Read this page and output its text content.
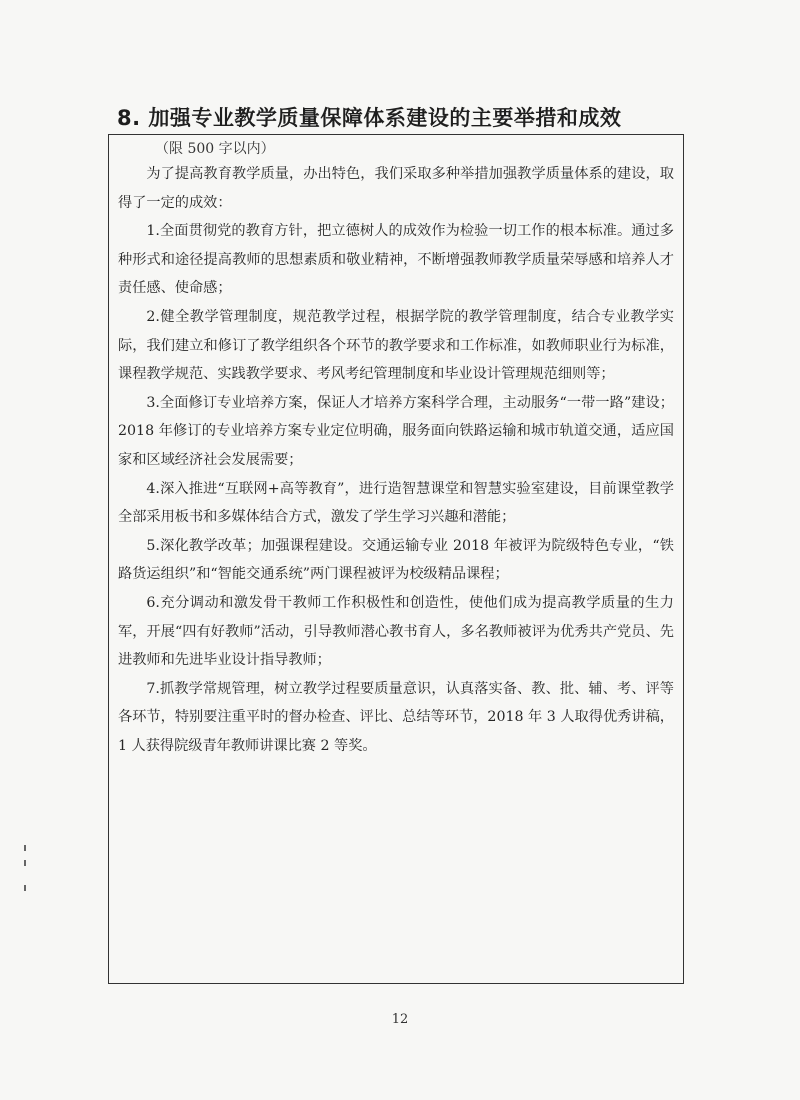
8. 加强专业教学质量保障体系建设的主要举措和成效
（限 500 字以内）

为了提高教育教学质量，办出特色，我们采取多种举措加强教学质量体系的建设，取得了一定的成效：

1.全面贯彻党的教育方针，把立德树人的成效作为检验一切工作的根本标准。通过多种形式和途径提高教师的思想素质和敬业精神，不断增强教师教学质量荣辱感和培养人才责任感、使命感；

2.健全教学管理制度，规范教学过程，根据学院的教学管理制度，结合专业教学实际，我们建立和修订了教学组织各个环节的教学要求和工作标准，如教师职业行为标准，课程教学规范、实践教学要求、考风考纪管理制度和毕业设计管理规范细则等；

3.全面修订专业培养方案，保证人才培养方案科学合理，主动服务“一带一路”建设；2018 年修订的专业培养方案专业定位明确，服务面向铁路运输和城市轨道交通，适应国家和区域经济社会发展需要；

4.深入推进“互联网+高等教育”，进行造智慧课堂和智慧实验室建设，目前课堂教学全部采用板书和多媒体结合方式，激发了学生学习兴趣和潜能；

5.深化教学改革；加强课程建设。交通运输专业 2018 年被评为院级特色专业，“铁路货运组织”和“智能交通系统”两门课程被评为校级精品课程；

6.充分调动和激发骨干教师工作积极性和创造性，使他们成为提高教学质量的生力军，开展“四有好教师”活动，引导教师潜心教书育人，多名教师被评为优秀共产党员、先进教师和先进毕业设计指导教师；

7.抓教学常规管理，树立教学过程要质量意识，认真落实备、教、批、辅、考、评等各环节，特别要注重平时的督办检查、评比、总结等环节，2018 年 3 人取得优秀讲稿，1 人获得院级青年教师讲课比赛 2 等奖。

12
